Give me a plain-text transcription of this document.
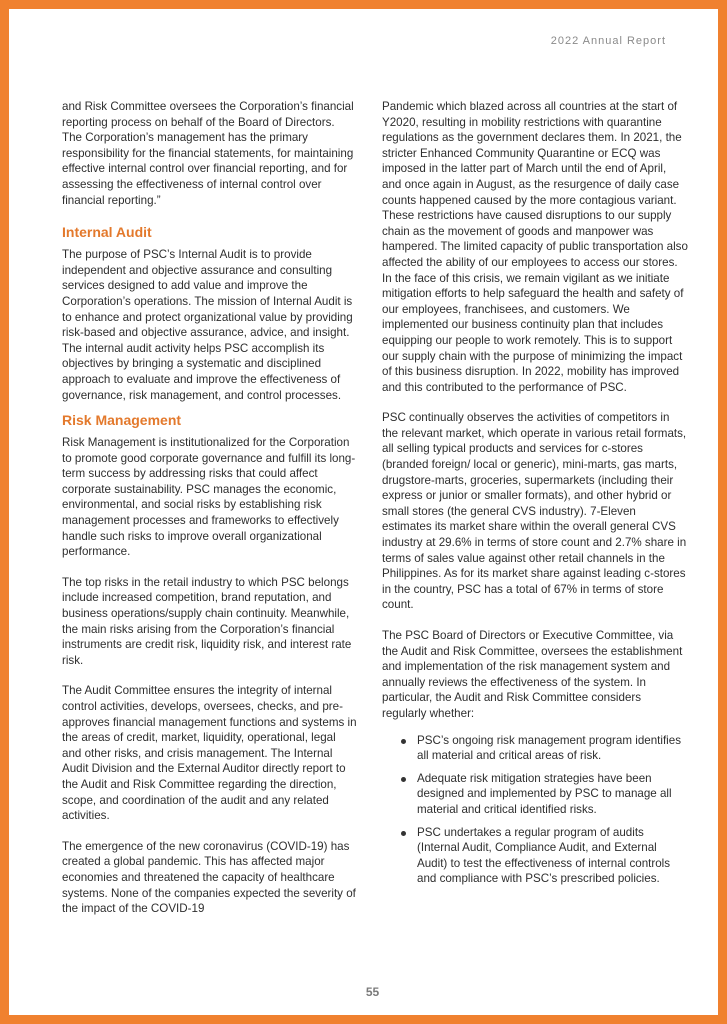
2022 Annual Report

and Risk Committee oversees the Corporation’s financial reporting process on behalf of the Board of Directors. The Corporation’s management has the primary responsibility for the financial statements, for maintaining effective internal control over financial reporting, and for assessing the effectiveness of internal control over financial reporting.”

Internal Audit

The purpose of PSC’s Internal Audit is to provide independent and objective assurance and consulting services designed to add value and improve the Corporation’s operations. The mission of Internal Audit is to enhance and protect organizational value by providing risk-based and objective assurance, advice, and insight. The internal audit activity helps PSC accomplish its objectives by bringing a systematic and disciplined approach to evaluate and improve the effectiveness of governance, risk management, and control processes.

Risk Management

Risk Management is institutionalized for the Corporation to promote good corporate governance and fulfill its long-term success by addressing risks that could affect corporate sustainability. PSC manages the economic, environmental, and social risks by establishing risk management processes and frameworks to effectively handle such risks to improve overall organizational performance.

The top risks in the retail industry to which PSC belongs include increased competition, brand reputation, and business operations/supply chain continuity. Meanwhile, the main risks arising from the Corporation’s financial instruments are credit risk, liquidity risk, and interest rate risk.

The Audit Committee ensures the integrity of internal control activities, develops, oversees, checks, and pre-approves financial management functions and systems in the areas of credit, market, liquidity, operational, legal and other risks, and crisis management. The Internal Audit Division and the External Auditor directly report to the Audit and Risk Committee regarding the direction, scope, and coordination of the audit and any related activities.

The emergence of the new coronavirus (COVID-19) has created a global pandemic. This has affected major economies and threatened the capacity of healthcare systems. None of the companies expected the severity of the impact of the COVID-19

Pandemic which blazed across all countries at the start of Y2020, resulting in mobility restrictions with quarantine regulations as the government declares them. In 2021, the stricter Enhanced Community Quarantine or ECQ was imposed in the latter part of March until the end of April, and once again in August, as the resurgence of daily case counts happened caused by the more contagious variant. These restrictions have caused disruptions to our supply chain as the movement of goods and manpower was hampered. The limited capacity of public transportation also affected the ability of our employees to access our stores. In the face of this crisis, we remain vigilant as we initiate mitigation efforts to help safeguard the health and safety of our employees, franchisees, and customers. We implemented our business continuity plan that includes equipping our people to work remotely. This is to support our supply chain with the purpose of minimizing the impact of this business disruption. In 2022, mobility has improved and this contributed to the performance of PSC.

PSC continually observes the activities of competitors in the relevant market, which operate in various retail formats, all selling typical products and services for c-stores (branded foreign/ local or generic), mini-marts, gas marts, drugstore-marts, groceries, supermarkets (including their express or junior or smaller formats), and other hybrid or small stores (the general CVS industry). 7-Eleven estimates its market share within the overall general CVS industry at 29.6% in terms of store count and 2.7% share in terms of sales value against other retail channels in the Philippines. As for its market share against leading c-stores in the country, PSC has a total of 67% in terms of store count.

The PSC Board of Directors or Executive Committee, via the Audit and Risk Committee, oversees the establishment and implementation of the risk management system and annually reviews the effectiveness of the system. In particular, the Audit and Risk Committee considers regularly whether:

PSC’s ongoing risk management program identifies all material and critical areas of risk.
Adequate risk mitigation strategies have been designed and implemented by PSC to manage all material and critical identified risks.
PSC undertakes a regular program of audits (Internal Audit, Compliance Audit, and External Audit) to test the effectiveness of internal controls and compliance with PSC’s prescribed policies.
55
